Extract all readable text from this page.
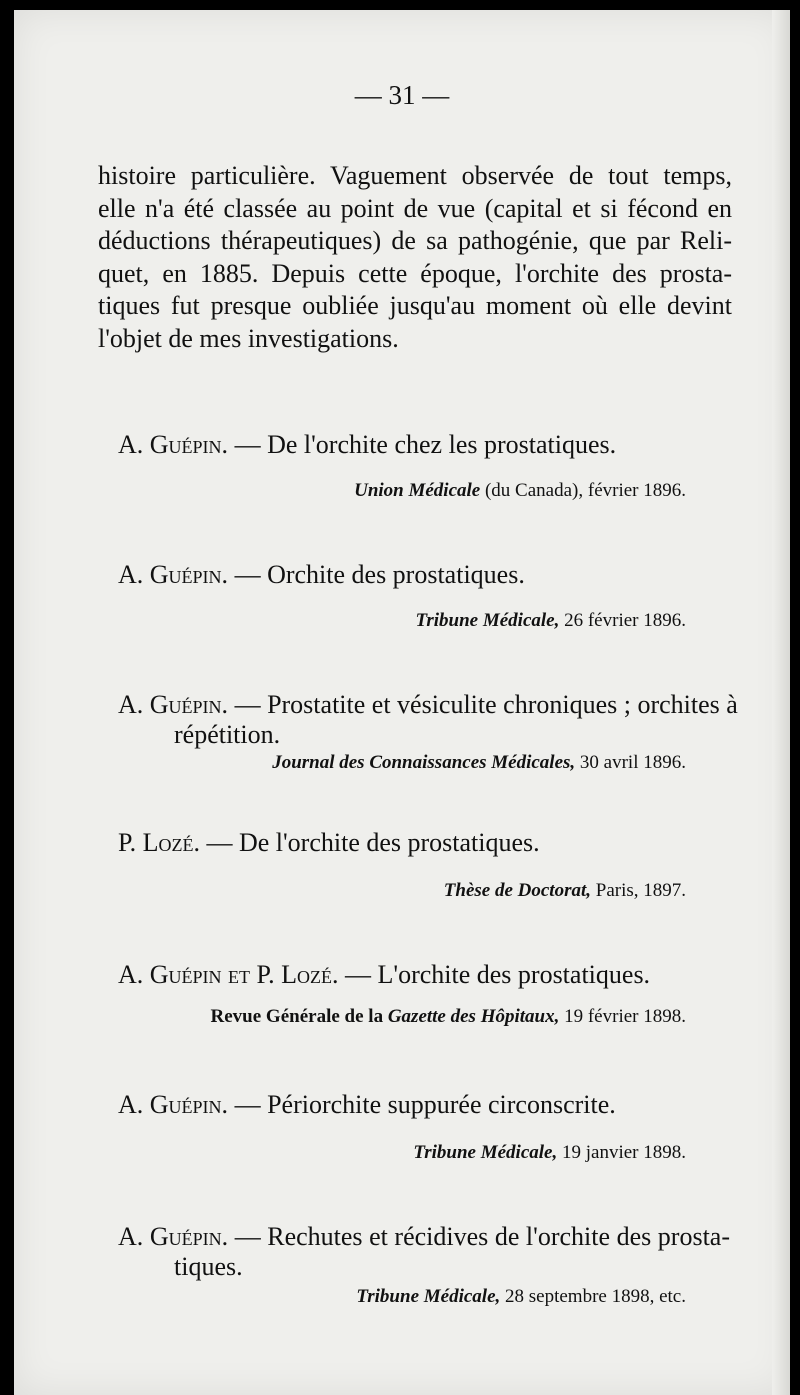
— 31 —
histoire particulière. Vaguement observée de tout temps,
elle n'a été classée au point de vue (capital et si fécond en
déductions thérapeutiques) de sa pathogénie, que par Reli-
quet, en 1885. Depuis cette époque, l'orchite des prosta-
tiques fut presque oubliée jusqu'au moment où elle devint
l'objet de mes investigations.
A. Guépin. — De l'orchite chez les prostatiques.
Union Médicale (du Canada), février 1896.
A. Guépin. — Orchite des prostatiques.
Tribune Médicale, 26 février 1896.
A. Guépin. — Prostatite et vésiculite chroniques ; orchites à
répétition.
Journal des Connaissances Médicales, 30 avril 1896.
P. Lozé. — De l'orchite des prostatiques.
Thèse de Doctorat, Paris, 1897.
A. Guépin et P. Lozé. — L'orchite des prostatiques.
Revue Générale de la Gazette des Hôpitaux, 19 février 1898.
A. Guépin. — Périorchite suppurée circonscrite.
Tribune Médicale, 19 janvier 1898.
A. Guépin. — Rechutes et récidives de l'orchite des prosta-
tiques.
Tribune Médicale, 28 septembre 1898, etc.
